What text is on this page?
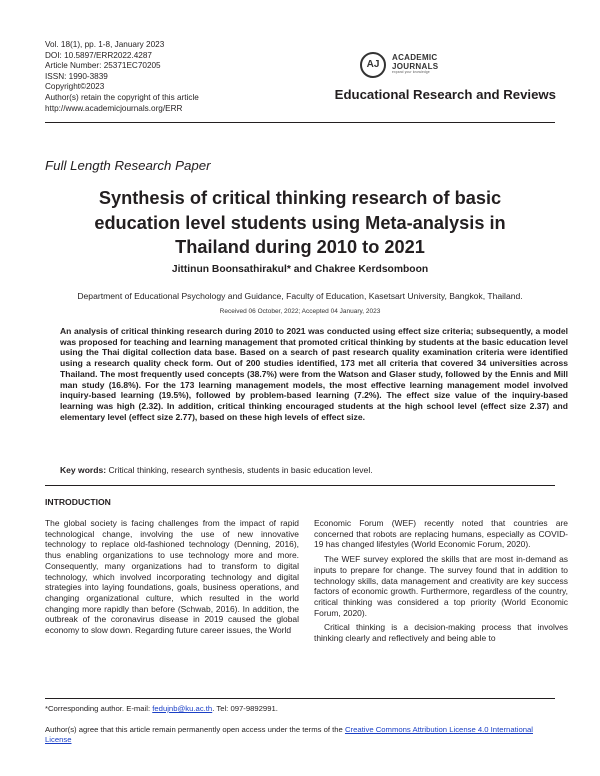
Vol. 18(1), pp. 1-8, January 2023
DOI: 10.5897/ERR2022.4287
Article Number: 25371EC70205
ISSN: 1990-3839
Copyright©2023
Author(s) retain the copyright of this article
http://www.academicjournals.org/ERR
AJ
ACADEMIC
JOURNALS
expand your knowledge
Educational Research and Reviews
Full Length Research Paper
Synthesis of critical thinking research of basic education level students using Meta-analysis in Thailand during 2010 to 2021
Jittinun Boonsathirakul* and Chakree Kerdsomboon
Department of Educational Psychology and Guidance, Faculty of Education, Kasetsart University, Bangkok, Thailand.
Received 06 October, 2022; Accepted 04 January, 2023
An analysis of critical thinking research during 2010 to 2021 was conducted using effect size criteria; subsequently, a model was proposed for teaching and learning management that promoted critical thinking by students at the basic education level using the Thai digital collection data base. Based on a search of past research quality examination criteria were identified using a research quality check form. Out of 200 studies identified, 173 met all criteria that covered 34 universities across Thailand. The most frequently used concepts (38.7%) were from the Watson and Glaser study, followed by the Ennis and Mill man study (16.8%). For the 173 learning management models, the most effective learning management model involved inquiry-based learning (19.5%), followed by problem-based learning (7.2%). The effect size value of the inquiry-based learning was high (2.32). In addition, critical thinking encouraged students at the high school level (effect size 2.37) and elementary level (effect size 2.77), based on these high levels of effect size.
Key words: Critical thinking, research synthesis, students in basic education level.
INTRODUCTION

The global society is facing challenges from the impact of rapid technological change, involving the use of new innovative technology to replace old-fashioned technology (Denning, 2016), thus enabling organizations to use technology more and more. Consequently, many organizations had to transform to digital technology, which involved incorporating technology and digital strategies into laying foundations, goals, business operations, and changing organizational culture, which resulted in the world changing more rapidly than before (Schwab, 2016). In addition, the outbreak of the coronavirus disease in 2019 caused the global economy to slow down. Regarding future career issues, the World

Economic Forum (WEF) recently noted that countries are concerned that robots are replacing humans, especially as COVID-19 has changed lifestyles (World Economic Forum, 2020).

The WEF survey explored the skills that are most in-demand as inputs to prepare for change. The survey found that in addition to technology skills, data management and creativity are key success factors of economic growth. Furthermore, regardless of the country, critical thinking was considered a top priority (World Economic Forum, 2020).

Critical thinking is a decision-making process that involves thinking clearly and reflectively and being able to

*Corresponding author. E-mail: fedujnb@ku.ac.th. Tel: 097-9892991.
Author(s) agree that this article remain permanently open access under the terms of the Creative Commons Attribution License 4.0 International License
